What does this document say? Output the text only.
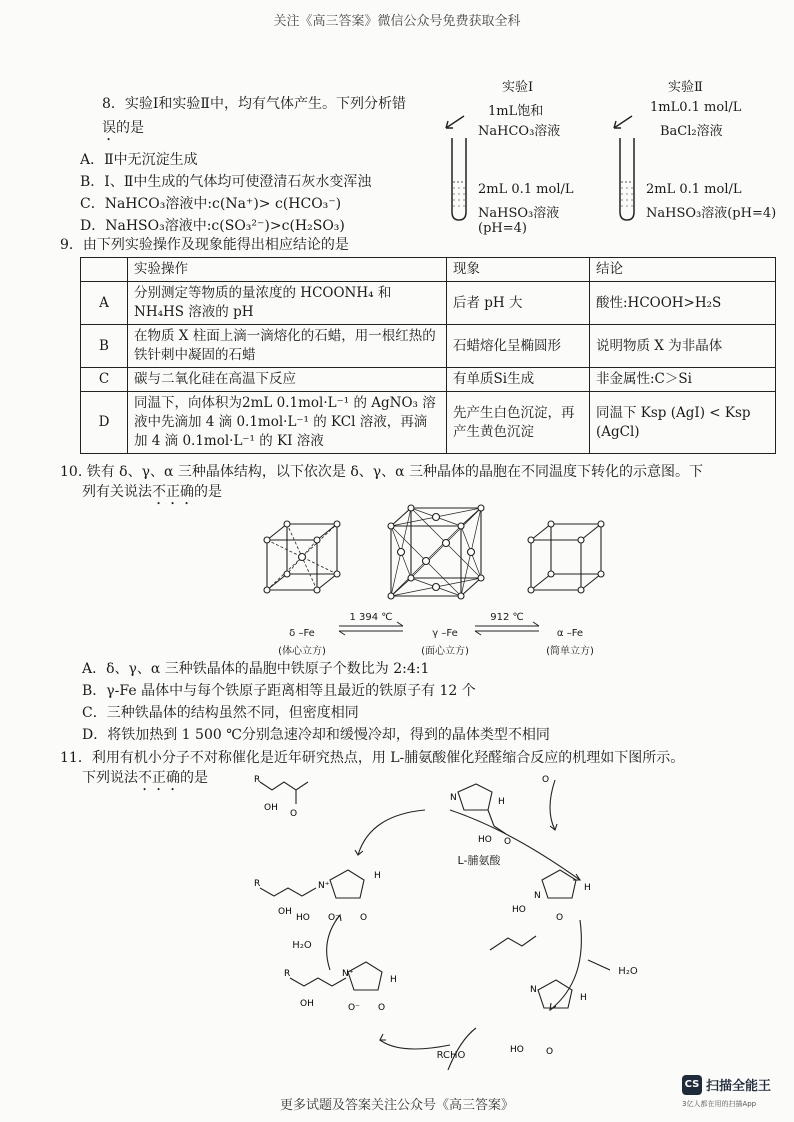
关注《高三答案》微信公众号免费获取全科
8．实验Ⅰ和实验Ⅱ中，均有气体产生。下列分析错
误的是
A．Ⅱ中无沉淀生成
B．Ⅰ、Ⅱ中生成的气体均可使澄清石灰水变浑浊
C．NaHCO₃溶液中:c(Na⁺)> c(HCO₃⁻)
D．NaHSO₃溶液中:c(SO₃²⁻)>c(H₂SO₃)
实验Ⅰ
1mL饱和
NaHCO₃溶液
2mL 0.1 mol/L
NaHSO₃溶液(pH=4)
实验Ⅱ
1mL0.1 mol/L
BaCl₂溶液
2mL 0.1 mol/L
NaHSO₃溶液(pH=4)
9．由下列实验操作及现象能得出相应结论的是
	实验操作	现象	结论
A	分别测定等物质的量浓度的 HCOONH₄ 和 NH₄HS 溶液的 pH	后者 pH 大	酸性:HCOOH>H₂S
B	在物质 X 柱面上滴一滴熔化的石蜡，用一根红热的铁针刺中凝固的石蜡	石蜡熔化呈椭圆形	说明物质 X 为非晶体
C	碳与二氧化硅在高温下反应	有单质Si生成	非金属性:C＞Si
D	同温下，向体积为2mL 0.1mol·L⁻¹ 的 AgNO₃ 溶液中先滴加 4 滴 0.1mol·L⁻¹ 的 KCl 溶液，再滴加 4 滴 0.1mol·L⁻¹ 的 KI 溶液	先产生白色沉淀，再产生黄色沉淀	同温下 Ksp (AgI) < Ksp (AgCl)
10. 铁有 δ、γ、α 三种晶体结构，以下依次是 δ、γ、α 三种晶体的晶胞在不同温度下转化的示意图。下
列有关说法不正确的是
1 394 ℃	912 ℃
δ –Fe
(体心立方)
γ –Fe
(面心立方)
α –Fe
(简单立方)
A．δ、γ、α 三种铁晶体的晶胞中铁原子个数比为 2:4:1
B．γ-Fe 晶体中与每个铁原子距离相等且最近的铁原子有 12 个
C．三种铁晶体的结构虽然不同，但密度相同
D．将铁加热到 1 500 ℃分别急速冷却和缓慢冷却，得到的晶体类型不相同
11．利用有机小分子不对称催化是近年研究热点，用 L-脯氨酸催化羟醛缩合反应的机理如下图所示。
下列说法不正确的是	R
OH
O
N	H
HO O
R
OH
HO
N⁺
H
O⁻ O
N
H
HO
O
R
OH
N⁺
H
O⁻ O
N
H
HO O
O
L-脯氨酸
H₂O
H₂O
RCHO
更多试题及答案关注公众号《高三答案》
CS 扫描全能王
3亿人都在用的扫描App
